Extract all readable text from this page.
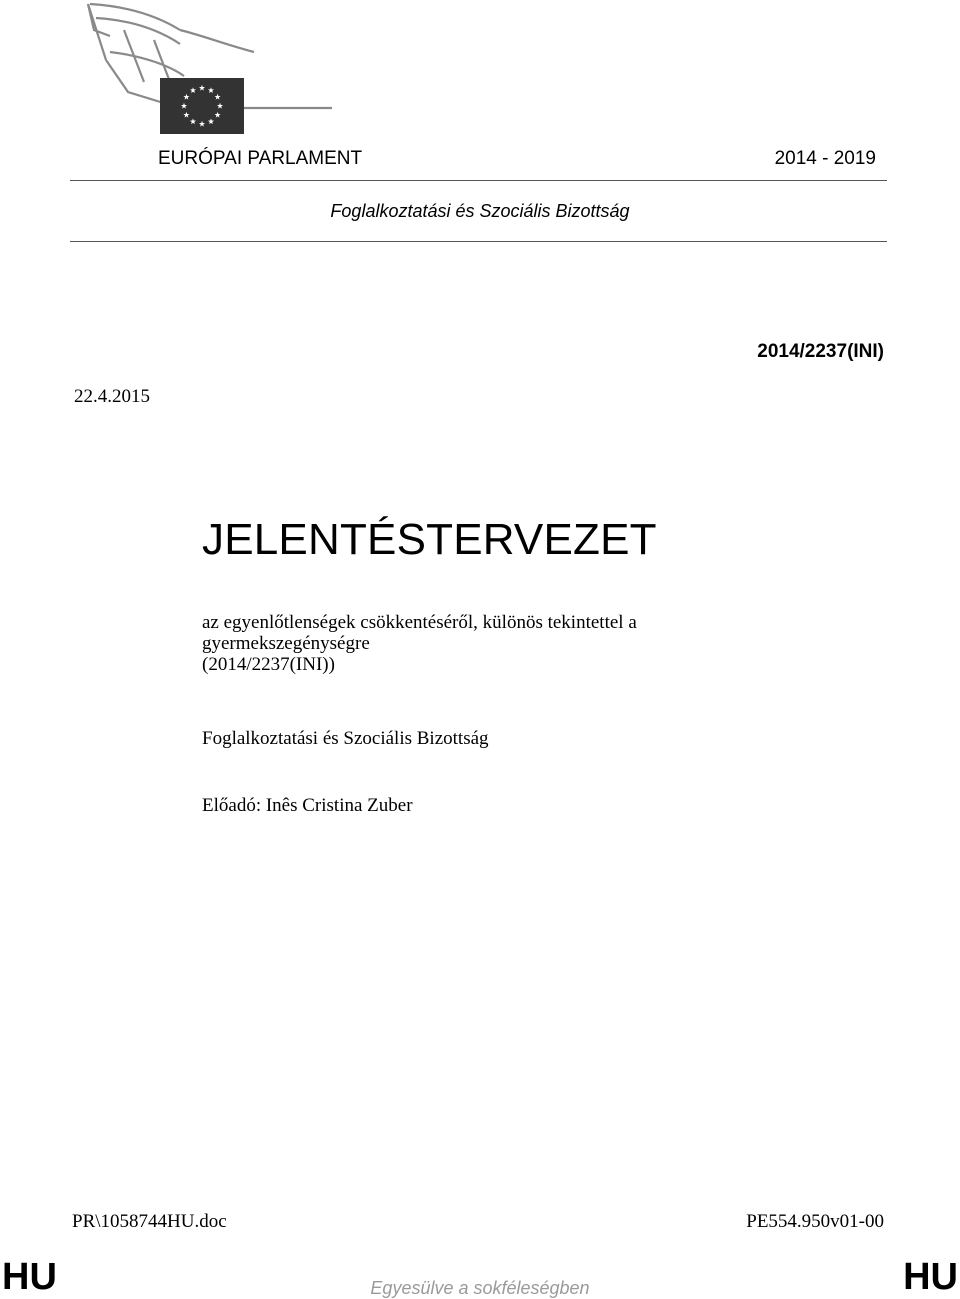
EURÓPAI PARLAMENT	2014 - 2019
Foglalkoztatási és Szociális Bizottság
2014/2237(INI)
22.4.2015
JELENTÉSTERVEZET
az egyenlőtlenségek csökkentéséről, különös tekintettel a
gyermekszegénységre
(2014/2237(INI))
Foglalkoztatási és Szociális Bizottság
Előadó: Inês Cristina Zuber
PR\1058744HU.doc	PE554.950v01-00
HU	Egyesülve a sokféleségben	HU
